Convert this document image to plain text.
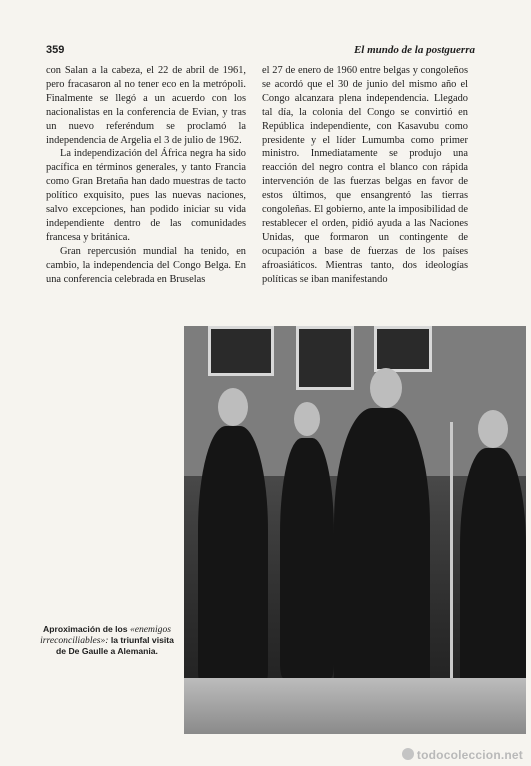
359	El mundo de la postguerra

con Salan a la cabeza, el 22 de abril de 1961, pero fracasaron al no tener eco en la metrópoli. Finalmente se llegó a un acuerdo con los nacionalistas en la conferencia de Evian, y tras un nuevo referéndum se proclamó la independencia de Argelia el 3 de julio de 1962.

La independización del África negra ha sido pacífica en términos generales, y tanto Francia como Gran Bretaña han dado muestras de tacto político exquisito, pues las nuevas naciones, salvo excepciones, han podido iniciar su vida independiente dentro de las comunidades francesa y británica.

Gran repercusión mundial ha tenido, en cambio, la independencia del Congo Belga. En una conferencia celebrada en Bruselas

el 27 de enero de 1960 entre belgas y congoleños se acordó que el 30 de junio del mismo año el Congo alcanzara plena independencia. Llegado tal día, la colonia del Congo se convirtió en República independiente, con Kasavubu como presidente y el líder Lumumba como primer ministro. Inmediatamente se produjo una reacción del negro contra el blanco con rápida intervención de las fuerzas belgas en favor de estos últimos, que ensangrentó las tierras congoleñas. El gobierno, ante la imposibilidad de restablecer el orden, pidió ayuda a las Naciones Unidas, que formaron un contingente de ocupación a base de fuerzas de los países afroasiáticos. Mientras tanto, dos ideologías políticas se iban manifestando

Aproximación de los «enemigos irreconciliables»: la triunfal visita de De Gaulle a Alemania.
todocoleccion.net
